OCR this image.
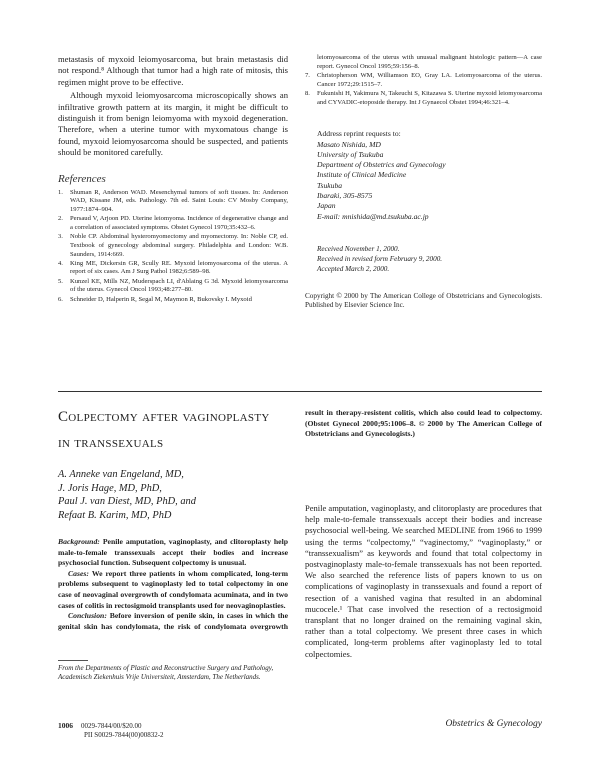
metastasis of myxoid leiomyosarcoma, but brain metastasis did not respond.⁸ Although that tumor had a high rate of mitosis, this regimen might prove to be effective.

Although myxoid leiomyosarcoma microscopically shows an infiltrative growth pattern at its margin, it might be difficult to distinguish it from benign leiomyoma with myxoid degeneration. Therefore, when a uterine tumor with myxomatous change is found, myxoid leiomyosarcoma should be suspected, and patients should be monitored carefully.

References
1. Shuman R, Anderson WAD. Mesenchymal tumors of soft tissues. In: Anderson WAD, Kissane JM, eds. Pathology. 7th ed. Saint Louis: CV Mosby Company, 1977:1874–904.
2. Persaud V, Arjoon PD. Uterine leiomyoma. Incidence of degenerative change and a correlation of associated symptoms. Obstet Gynecol 1970;35:432–6.
3. Noble CP. Abdominal hysteromyomectomy and myomectomy. In: Noble CP, ed. Textbook of gynecology abdominal surgery. Philadelphia and London: W.B. Saunders, 1914:669.
4. King ME, Dickersin GR, Scully RE. Myxoid leiomyosarcoma of the uterus. A report of six cases. Am J Surg Pathol 1982;6:589–98.
5. Kunzel KE, Mills NZ, Muderspach LI, d'Ablaing G 3d. Myxoid leiomyosarcoma of the uterus. Gynecol Oncol 1993;48:277–80.
6. Schneider D, Halperin R, Segal M, Maymon R, Bukovsky I. Myxoid
leiomyosarcoma of the uterus with unusual malignant histologic pattern—A case report. Gynecol Oncol 1995;59:156–8.
7. Christopherson WM, Williamson EO, Gray LA. Leiomyosarcoma of the uterus. Cancer 1972;29:1515–7.
8. Fukunishi H, Yakimura N, Takeuchi S, Kitazawa S. Uterine myxoid leiomyosarcoma and CYVADIC-etoposide therapy. Int J Gynaecol Obstet 1994;46:321–4.
Address reprint requests to:
Masato Nishida, MD
University of Tsukuba
Department of Obstetrics and Gynecology
Institute of Clinical Medicine
Tsukuba
Ibaraki, 305-8575
Japan
E-mail: mnishida@md.tsukuba.ac.jp
Received November 1, 2000.
Received in revised form February 9, 2000.
Accepted March 2, 2000.
Copyright © 2000 by The American College of Obstetricians and Gynecologists. Published by Elsevier Science Inc.
Colpectomy after vaginoplasty
in transsexuals
A. Anneke van Engeland, MD,
J. Joris Hage, MD, PhD,
Paul J. van Diest, MD, PhD, and
Refaat B. Karim, MD, PhD

Background: Penile amputation, vaginoplasty, and clitoroplasty help male-to-female transsexuals accept their bodies and increase psychosocial function. Subsequent colpectomy is unusual.

Cases: We report three patients in whom complicated, long-term problems subsequent to vaginoplasty led to total colpectomy in one case of neovaginal overgrowth of condylomata acuminata, and in two cases of colitis in rectosigmoid transplants used for neovaginoplasties.

Conclusion: Before inversion of penile skin, in cases in which the genital skin has condylomata, the risk of condylomata overgrowth

result in therapy-resistent colitis, which also could lead to colpectomy. (Obstet Gynecol 2000;95:1006–8. © 2000 by The American College of Obstetricians and Gynecologists.)

Penile amputation, vaginoplasty, and clitoroplasty are procedures that help male-to-female transsexuals accept their bodies and increase psychosocial well-being. We searched MEDLINE from 1966 to 1999 using the terms “colpectomy,” “vaginectomy,” “vaginoplasty,” or “transsexualism” as keywords and found that total colpectomy in postvaginoplasty male-to-female transsexuals has not been reported. We also searched the reference lists of papers known to us on complications of vaginoplasty in transsexuals and found a report of resection of a vanished vagina that resulted in an abdominal mucocele.¹ That case involved the resection of a rectosigmoid transplant that no longer drained on the remaining vaginal skin, rather than a total colpectomy. We present three cases in which complicated, long-term problems after vaginoplasty led to total colpectomies.

From the Departments of Plastic and Reconstructive Surgery and Pathology, Academisch Ziekenhuis Vrije Universiteit, Amsterdam, The Netherlands.
1006 0029-7844/00/$20.00
PII S0029-7844(00)00832-2
Obstetrics & Gynecology
